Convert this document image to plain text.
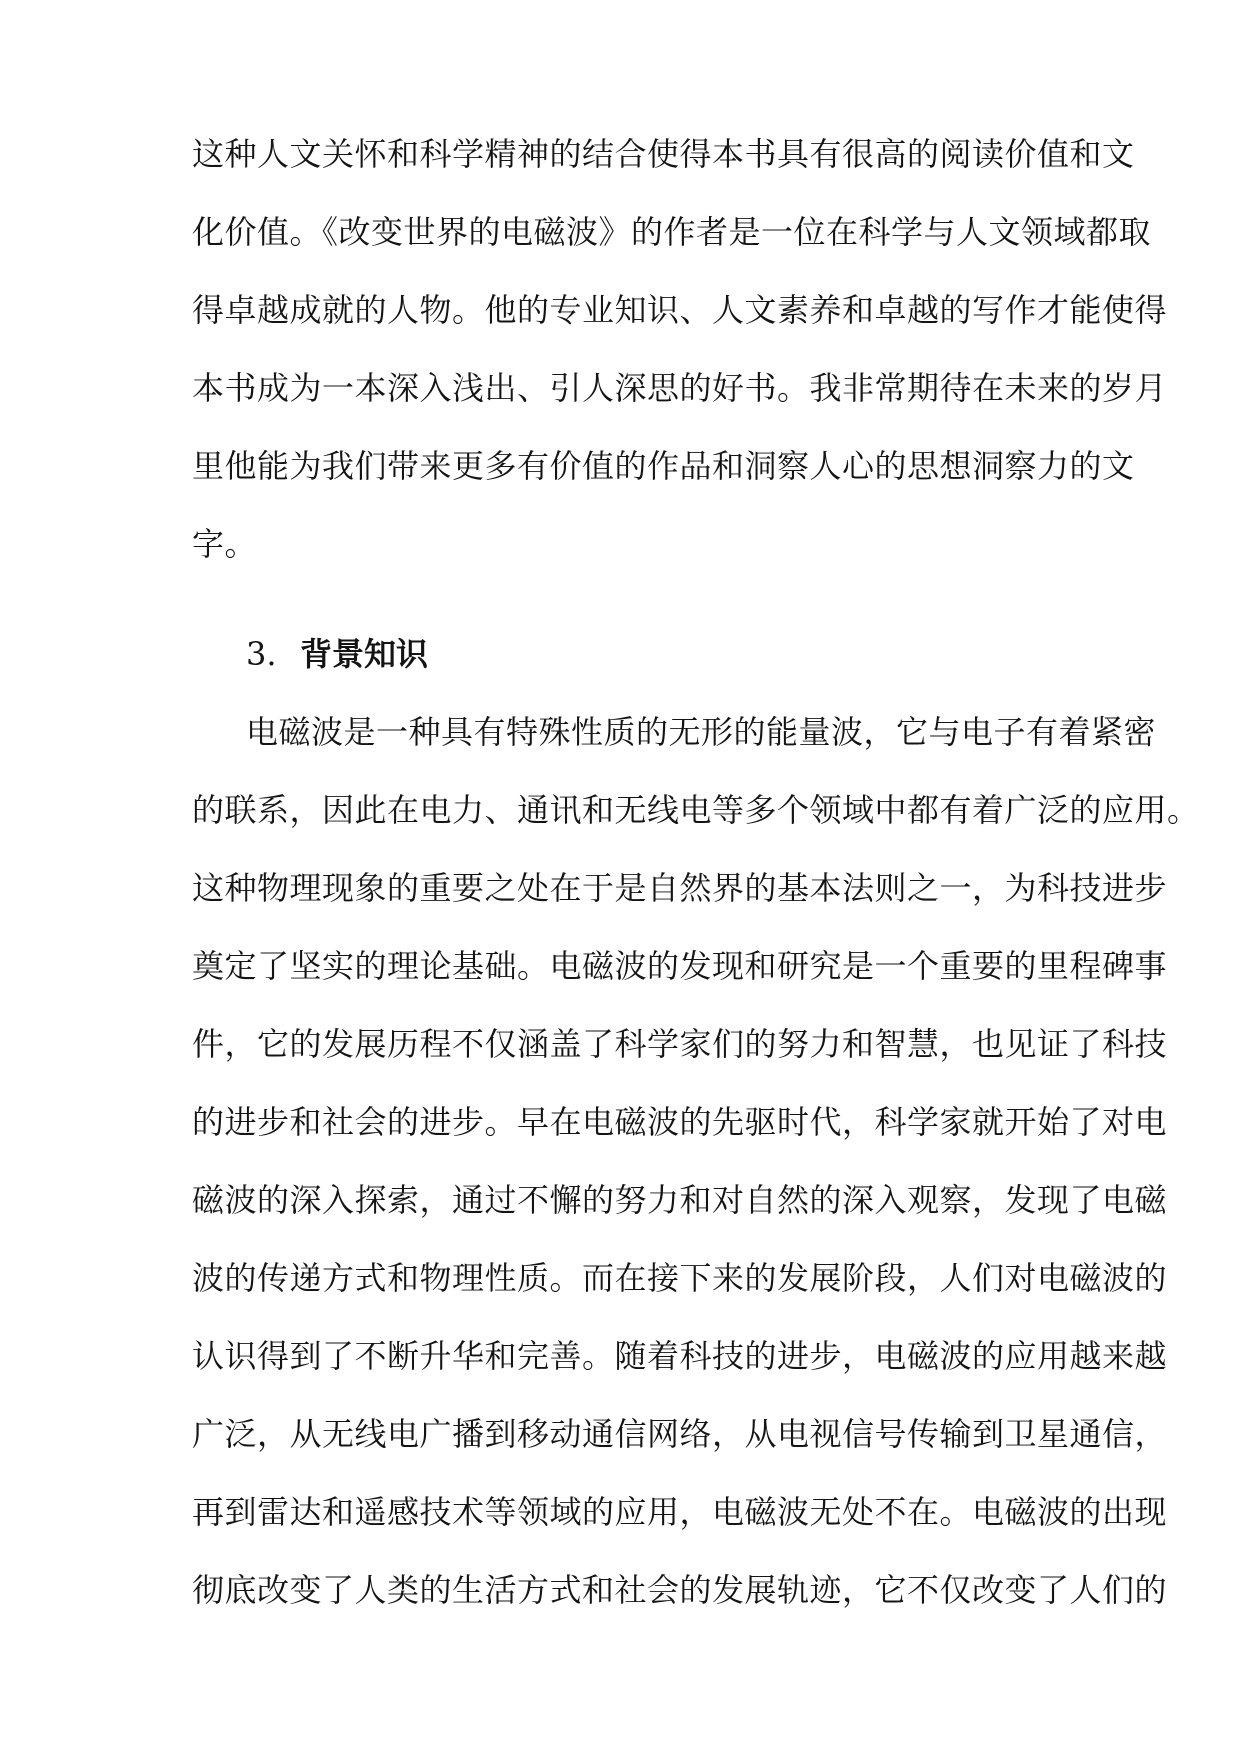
这种人文关怀和科学精神的结合使得本书具有很高的阅读价值和文
化价值。《改变世界的电磁波》的作者是一位在科学与人文领域都取
得卓越成就的人物。他的专业知识、人文素养和卓越的写作才能使得
本书成为一本深入浅出、引人深思的好书。我非常期待在未来的岁月
里他能为我们带来更多有价值的作品和洞察人心的思想洞察力的文
字。
3. 背景知识
电磁波是一种具有特殊性质的无形的能量波，它与电子有着紧密
的联系，因此在电力、通讯和无线电等多个领域中都有着广泛的应用。
这种物理现象的重要之处在于是自然界的基本法则之一，为科技进步
奠定了坚实的理论基础。电磁波的发现和研究是一个重要的里程碑事
件，它的发展历程不仅涵盖了科学家们的努力和智慧，也见证了科技
的进步和社会的进步。早在电磁波的先驱时代，科学家就开始了对电
磁波的深入探索，通过不懈的努力和对自然的深入观察，发现了电磁
波的传递方式和物理性质。而在接下来的发展阶段，人们对电磁波的
认识得到了不断升华和完善。随着科技的进步，电磁波的应用越来越
广泛，从无线电广播到移动通信网络，从电视信号传输到卫星通信，
再到雷达和遥感技术等领域的应用，电磁波无处不在。电磁波的出现
彻底改变了人类的生活方式和社会的发展轨迹，它不仅改变了人们的
